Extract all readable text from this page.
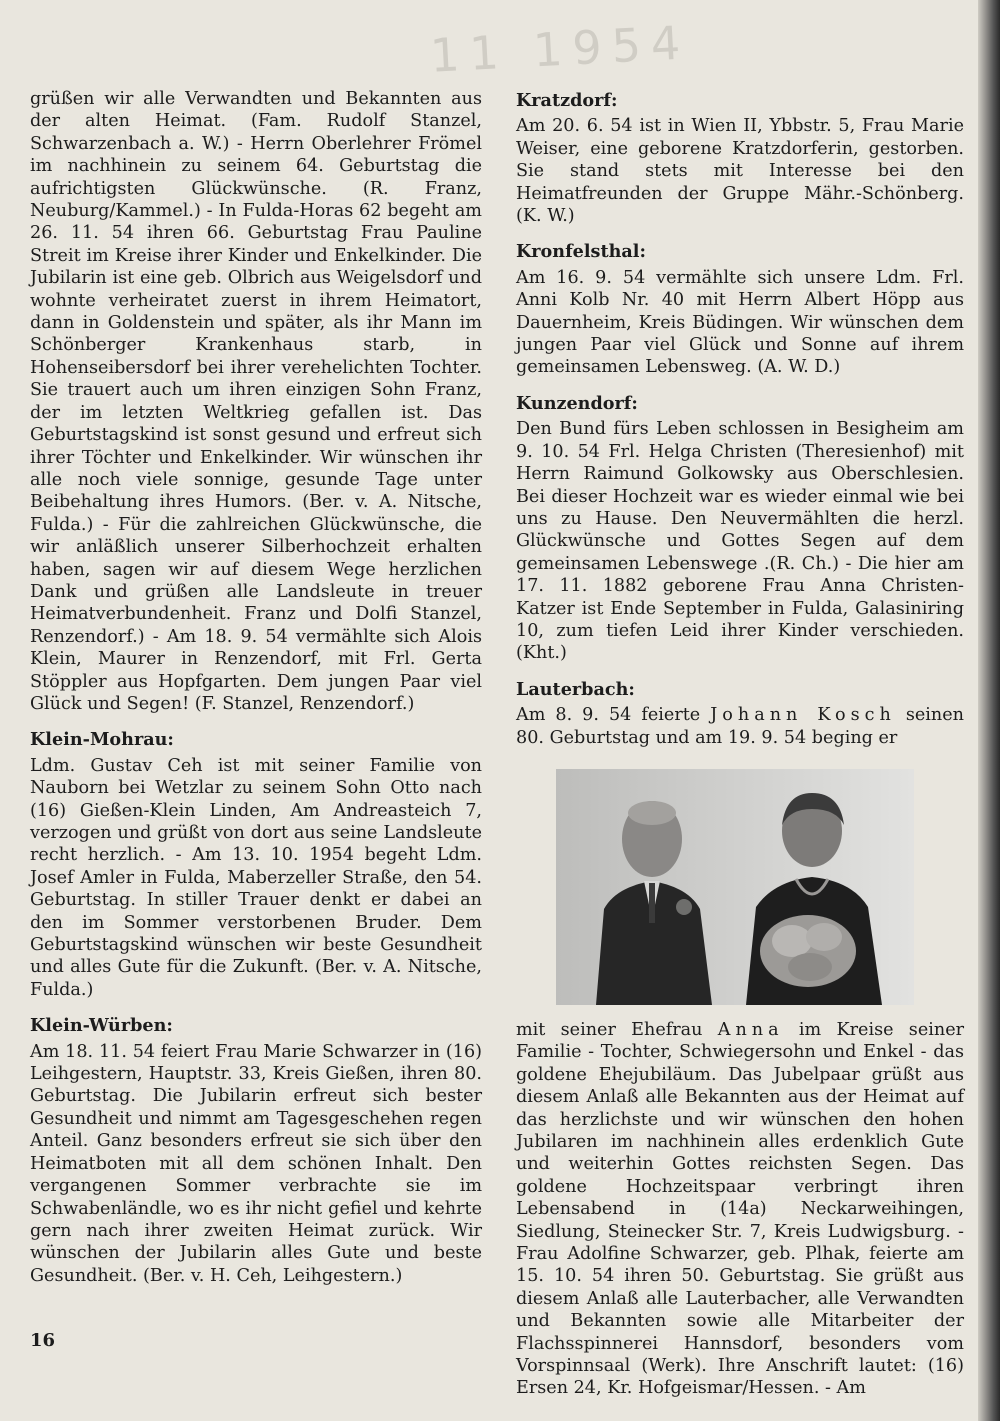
11 1954

grüßen wir alle Verwandten und Bekannten aus der alten Heimat. (Fam. Rudolf Stanzel, Schwarzenbach a. W.) - Herrn Oberlehrer Frömel im nachhinein zu seinem 64. Geburtstag die aufrichtigsten Glückwünsche. (R. Franz, Neuburg/Kammel.) - In Fulda-Horas 62 begeht am 26. 11. 54 ihren 66. Geburtstag Frau Pauline Streit im Kreise ihrer Kinder und Enkelkinder. Die Jubilarin ist eine geb. Olbrich aus Weigelsdorf und wohnte verheiratet zuerst in ihrem Heimatort, dann in Goldenstein und später, als ihr Mann im Schönberger Krankenhaus starb, in Hohenseibersdorf bei ihrer verehelichten Tochter. Sie trauert auch um ihren einzigen Sohn Franz, der im letzten Weltkrieg gefallen ist. Das Geburtstagskind ist sonst gesund und erfreut sich ihrer Töchter und Enkelkinder. Wir wünschen ihr alle noch viele sonnige, gesunde Tage unter Beibehaltung ihres Humors. (Ber. v. A. Nitsche, Fulda.) - Für die zahlreichen Glückwünsche, die wir anläßlich unserer Silberhochzeit erhalten haben, sagen wir auf diesem Wege herzlichen Dank und grüßen alle Landsleute in treuer Heimatverbundenheit. Franz und Dolfi Stanzel, Renzendorf.) - Am 18. 9. 54 vermählte sich Alois Klein, Maurer in Renzendorf, mit Frl. Gerta Stöppler aus Hopfgarten. Dem jungen Paar viel Glück und Segen! (F. Stanzel, Renzendorf.)

Klein-Mohrau:

Ldm. Gustav Ceh ist mit seiner Familie von Nauborn bei Wetzlar zu seinem Sohn Otto nach (16) Gießen-Klein Linden, Am Andreasteich 7, verzogen und grüßt von dort aus seine Landsleute recht herzlich. - Am 13. 10. 1954 begeht Ldm. Josef Amler in Fulda, Maberzeller Straße, den 54. Geburtstag. In stiller Trauer denkt er dabei an den im Sommer verstorbenen Bruder. Dem Geburtstagskind wünschen wir beste Gesundheit und alles Gute für die Zukunft. (Ber. v. A. Nitsche, Fulda.)

Klein-Würben:

Am 18. 11. 54 feiert Frau Marie Schwarzer in (16) Leihgestern, Hauptstr. 33, Kreis Gießen, ihren 80. Geburtstag. Die Jubilarin erfreut sich bester Gesundheit und nimmt am Tagesgeschehen regen Anteil. Ganz besonders erfreut sie sich über den Heimatboten mit all dem schönen Inhalt. Den vergangenen Sommer verbrachte sie im Schwabenländle, wo es ihr nicht gefiel und kehrte gern nach ihrer zweiten Heimat zurück. Wir wünschen der Jubilarin alles Gute und beste Gesundheit. (Ber. v. H. Ceh, Leihgestern.)

Kratzdorf:

Am 20. 6. 54 ist in Wien II, Ybbstr. 5, Frau Marie Weiser, eine geborene Kratzdorferin, gestorben. Sie stand stets mit Interesse bei den Heimatfreunden der Gruppe Mähr.-Schönberg. (K. W.)

Kronfelsthal:

Am 16. 9. 54 vermählte sich unsere Ldm. Frl. Anni Kolb Nr. 40 mit Herrn Albert Höpp aus Dauernheim, Kreis Büdingen. Wir wünschen dem jungen Paar viel Glück und Sonne auf ihrem gemeinsamen Lebensweg. (A. W. D.)

Kunzendorf:

Den Bund fürs Leben schlossen in Besigheim am 9. 10. 54 Frl. Helga Christen (Theresienhof) mit Herrn Raimund Golkowsky aus Oberschlesien. Bei dieser Hochzeit war es wieder einmal wie bei uns zu Hause. Den Neuvermählten die herzl. Glückwünsche und Gottes Segen auf dem gemeinsamen Lebenswege .(R. Ch.) - Die hier am 17. 11. 1882 geborene Frau Anna Christen-Katzer ist Ende September in Fulda, Galasiniring 10, zum tiefen Leid ihrer Kinder verschieden. (Kht.)

Lauterbach:

Am 8. 9. 54 feierte Johann Kosch seinen 80. Geburtstag und am 19. 9. 54 beging er

mit seiner Ehefrau Anna im Kreise seiner Familie - Tochter, Schwiegersohn und Enkel - das goldene Ehejubiläum. Das Jubelpaar grüßt aus diesem Anlaß alle Bekannten aus der Heimat auf das herzlichste und wir wünschen den hohen Jubilaren im nachhinein alles erdenklich Gute und weiterhin Gottes reichsten Segen. Das goldene Hochzeitspaar verbringt ihren Lebensabend in (14a) Neckarweihingen, Siedlung, Steinecker Str. 7, Kreis Ludwigsburg. - Frau Adolfine Schwarzer, geb. Plhak, feierte am 15. 10. 54 ihren 50. Geburtstag. Sie grüßt aus diesem Anlaß alle Lauterbacher, alle Verwandten und Bekannten sowie alle Mitarbeiter der Flachsspinnerei Hannsdorf, besonders vom Vorspinnsaal (Werk). Ihre Anschrift lautet: (16) Ersen 24, Kr. Hofgeismar/Hessen. - Am

16
